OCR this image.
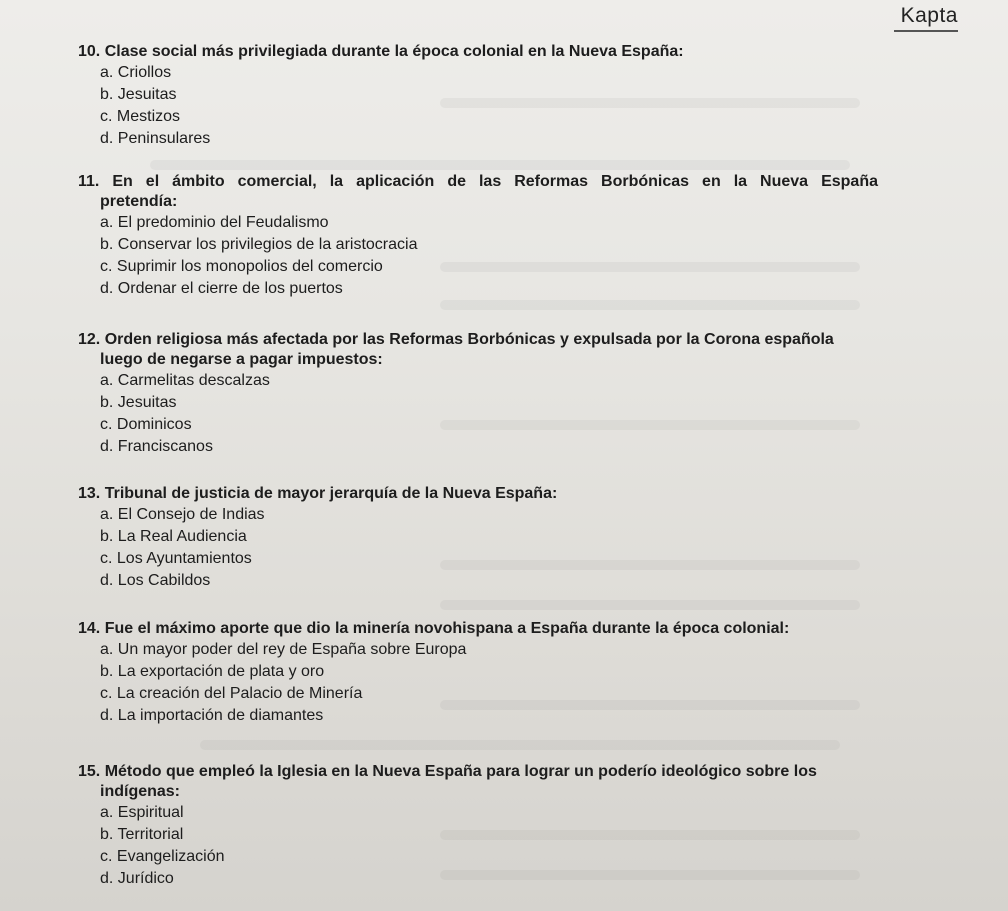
Kapta

10. Clase social más privilegiada durante la época colonial en la Nueva España:

a. Criollos
b. Jesuitas
c. Mestizos
d. Peninsulares

11. En el ámbito comercial, la aplicación de las Reformas Borbónicas en la Nueva España

pretendía:

a. El predominio del Feudalismo
b. Conservar los privilegios de la aristocracia
c. Suprimir los monopolios del comercio
d. Ordenar el cierre de los puertos

12. Orden religiosa más afectada por las Reformas Borbónicas y expulsada por la Corona española

luego de negarse a pagar impuestos:

a. Carmelitas descalzas
b. Jesuitas
c. Dominicos
d. Franciscanos

13. Tribunal de justicia de mayor jerarquía de la Nueva España:

a. El Consejo de Indias
b. La Real Audiencia
c. Los Ayuntamientos
d. Los Cabildos

14. Fue el máximo aporte que dio la minería novohispana a España durante la época colonial:

a. Un mayor poder del rey de España sobre Europa
b. La exportación de plata y oro
c. La creación del Palacio de Minería
d. La importación de diamantes

15. Método que empleó la Iglesia en la Nueva España para lograr un poderío ideológico sobre los

indígenas:

a. Espiritual
b. Territorial
c. Evangelización
d. Jurídico
